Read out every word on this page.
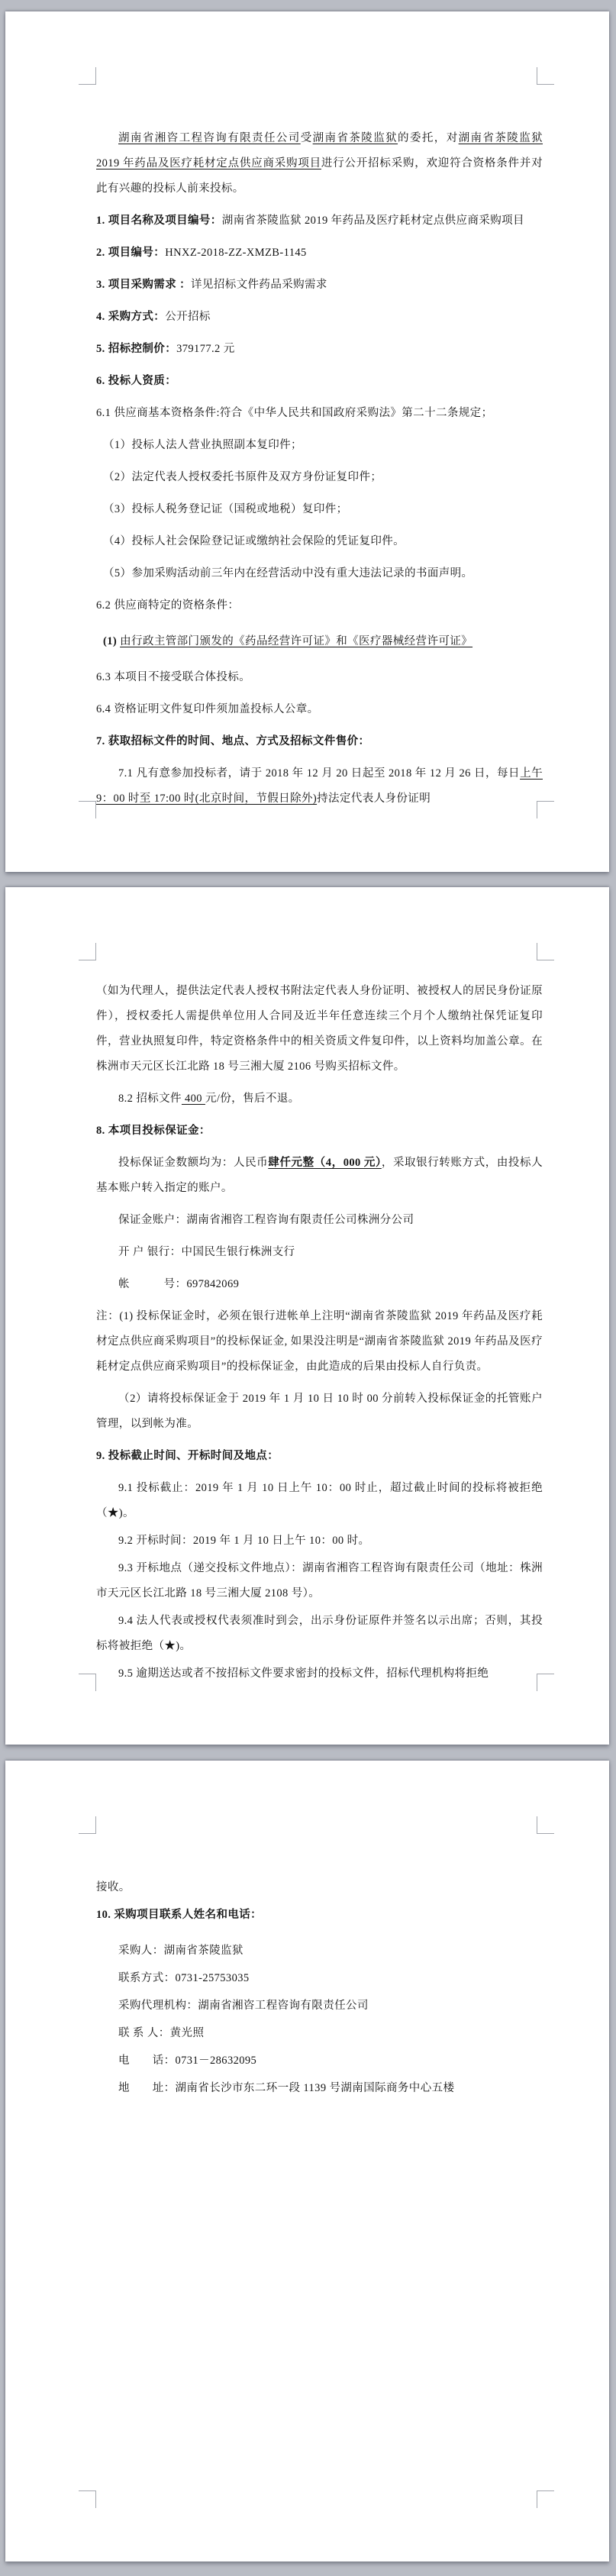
湖南省湘咨工程咨询有限责任公司受湖南省茶陵监狱的委托，对湖南省茶陵监狱 2019 年药品及医疗耗材定点供应商采购项目进行公开招标采购，欢迎符合资格条件并对此有兴趣的投标人前来投标。
1. 项目名称及项目编号：湖南省茶陵监狱 2019 年药品及医疗耗材定点供应商采购项目
2. 项目编号：HNXZ-2018-ZZ-XMZB-1145
3. 项目采购需求 ：详见招标文件药品采购需求
4. 采购方式：公开招标
5. 招标控制价：379177.2 元
6. 投标人资质：
6.1 供应商基本资格条件:符合《中华人民共和国政府采购法》第二十二条规定；
（1）投标人法人营业执照副本复印件；
（2）法定代表人授权委托书原件及双方身份证复印件；
（3）投标人税务登记证（国税或地税）复印件；
（4）投标人社会保险登记证或缴纳社会保险的凭证复印件。
（5）参加采购活动前三年内在经营活动中没有重大违法记录的书面声明。
6.2 供应商特定的资格条件：
(1) 由行政主管部门颁发的《药品经营许可证》和《医疗器械经营许可证》
6.3 本项目不接受联合体投标。
6.4 资格证明文件复印件须加盖投标人公章。
7. 获取招标文件的时间、地点、方式及招标文件售价：
7.1 凡有意参加投标者，请于 2018 年 12 月 20 日起至 2018 年 12 月 26 日，每日上午 9：00 时至 17:00 时(北京时间，节假日除外)持法定代表人身份证明
（如为代理人，提供法定代表人授权书附法定代表人身份证明、被授权人的居民身份证原件），授权委托人需提供单位用人合同及近半年任意连续三个月个人缴纳社保凭证复印件，营业执照复印件，特定资格条件中的相关资质文件复印件，以上资料均加盖公章。在株洲市天元区长江北路 18 号三湘大厦 2106 号购买招标文件。
8.2 招标文件 400 元/份，售后不退。
8. 本项目投标保证金：
投标保证金数额均为：人民币肆仟元整（4，000 元），采取银行转账方式，由投标人基本账户转入指定的账户。
保证金账户：湖南省湘咨工程咨询有限责任公司株洲分公司
开 户 银行：中国民生银行株洲支行
帐　　　号：697842069
注：(1) 投标保证金时，必须在银行进帐单上注明“湖南省茶陵监狱 2019 年药品及医疗耗材定点供应商采购项目”的投标保证金, 如果没注明是“湖南省茶陵监狱 2019 年药品及医疗耗材定点供应商采购项目”的投标保证金，由此造成的后果由投标人自行负责。
（2）请将投标保证金于 2019 年 1 月 10 日 10 时 00 分前转入投标保证金的托管账户管理，以到帐为准。
9. 投标截止时间、开标时间及地点：
9.1 投标截止：2019 年 1 月 10 日上午 10：00 时止，超过截止时间的投标将被拒绝（★)。
9.2 开标时间：2019 年 1 月 10 日上午 10：00 时。
9.3 开标地点（递交投标文件地点）：湖南省湘咨工程咨询有限责任公司（地址：株洲市天元区长江北路 18 号三湘大厦 2108 号）。
9.4 法人代表或授权代表须准时到会，出示身份证原件并签名以示出席；否则，其投标将被拒绝（★)。
9.5 逾期送达或者不按招标文件要求密封的投标文件，招标代理机构将拒绝
接收。
10. 采购项目联系人姓名和电话：
采购人：湖南省茶陵监狱
联系方式：0731-25753035
采购代理机构：湖南省湘咨工程咨询有限责任公司
联 系 人：黄光照
电　　话：0731－28632095
地　　址：湖南省长沙市东二环一段 1139 号湖南国际商务中心五楼
